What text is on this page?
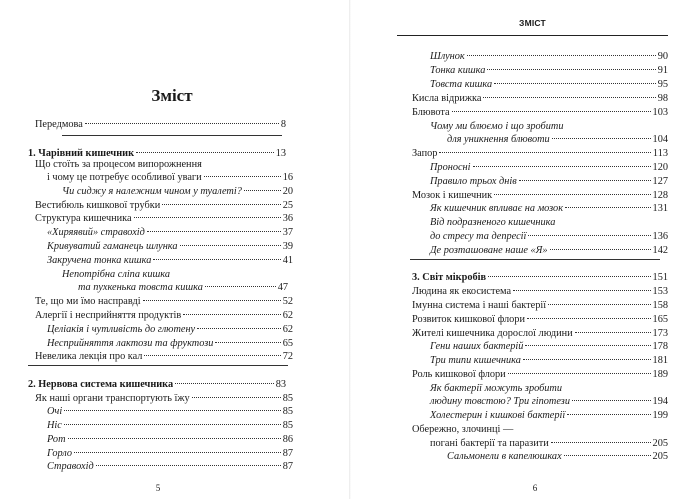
Зміст
Передмова	8
1. Чарівний кишечник	13
Що стоїть за процесом випорожнення
і чому це потребує особливої уваги	16
Чи сиджу я належним чином у туалеті?	20
Вестибюль кишкової трубки	25
Структура кишечника	36
«Хиряявий» стравохід	37
Кривуватий гаманець шлунка	39
Закручена тонка кишка	41
Непотрібна сліпа кишка
та пухкенька товста кишка	47
Те, що ми їмо насправді	52
Алергії і несприйняття продуктів	62
Целіакія і чутливість до глютену	62
Несприйняття лактози та фруктози	65
Невелика лекція про кал	72
2. Нервова система кишечника	83
Як наші органи транспортують їжу	85
Очі	85
Ніс	85
Рот	86
Горло	87
Стравохід	87
5
ЗМІСТ
Шлунок	90
Тонка кишка	91
Товста кишка	95
Кисла відрижка	98
Блювота	103
Чому ми блюємо і що зробити
для уникнення блювоти	104
Запор	113
Проносні	120
Правило трьох днів	127
Мозок і кишечник	128
Як кишечник впливає на мозок	131
Від подразненого кишечника
до стресу та депресії	136
Де розташоване наше «Я»	142
3. Світ мікробів	151
Людина як екосистема	153
Імунна система і наші бактерії	158
Розвиток кишкової флори	165
Жителі кишечника дорослої людини	173
Гени наших бактерій	178
Три типи кишечника	181
Роль кишкової флори	189
Як бактерії можуть зробити
людину товстою? Три гіпотези	194
Холестерин і кишкові бактерії	199
Обережно, злочинці —
погані бактерії та паразити	205
Сальмонели в капелюшках	205
6
